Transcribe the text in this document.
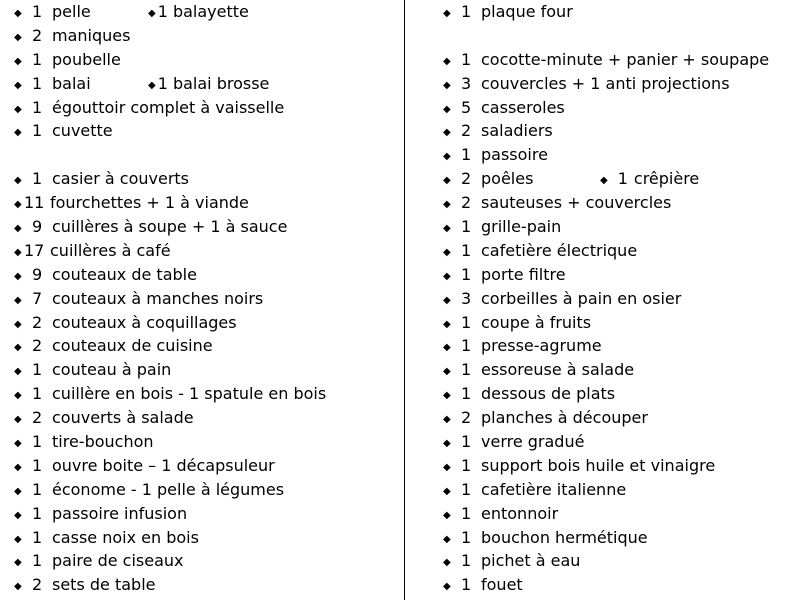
◆ 1 pelle	◆ 1 balayette
◆ 2 maniques
◆ 1 poubelle
◆ 1 balai	◆ 1 balai brosse
◆ 1 égouttoir complet à vaisselle
◆ 1 cuvette
◆ 1 casier à couverts
◆ 11 fourchettes + 1 à viande
◆ 9 cuillères à soupe + 1 à sauce
◆ 17 cuillères à café
◆ 9 couteaux de table
◆ 7 couteaux à manches noirs
◆ 2 couteaux à coquillages
◆ 2 couteaux de cuisine
◆ 1 couteau à pain
◆ 1 cuillère en bois - 1 spatule en bois
◆ 2 couverts à salade
◆ 1 tire-bouchon
◆ 1 ouvre boite – 1 décapsuleur
◆ 1 économe - 1 pelle à légumes
◆ 1 passoire infusion
◆ 1 casse noix en bois
◆ 1 paire de ciseaux
◆ 2 sets de table
◆ 1 plaque four
◆ 1 cocotte-minute + panier + soupape
◆ 3 couvercles + 1 anti projections
◆ 5 casseroles
◆ 2 saladiers
◆ 1 passoire
◆ 2 poêles	◆ 1 crêpière
◆ 2 sauteuses + couvercles
◆ 1 grille-pain
◆ 1 cafetière électrique
◆ 1 porte filtre
◆ 3 corbeilles à pain en osier
◆ 1 coupe à fruits
◆ 1 presse-agrume
◆ 1 essoreuse à salade
◆ 1 dessous de plats
◆ 2 planches à découper
◆ 1 verre gradué
◆ 1 support bois huile et vinaigre
◆ 1 cafetière italienne
◆ 1 entonnoir
◆ 1 bouchon hermétique
◆ 1 pichet à eau
◆ 1 fouet
